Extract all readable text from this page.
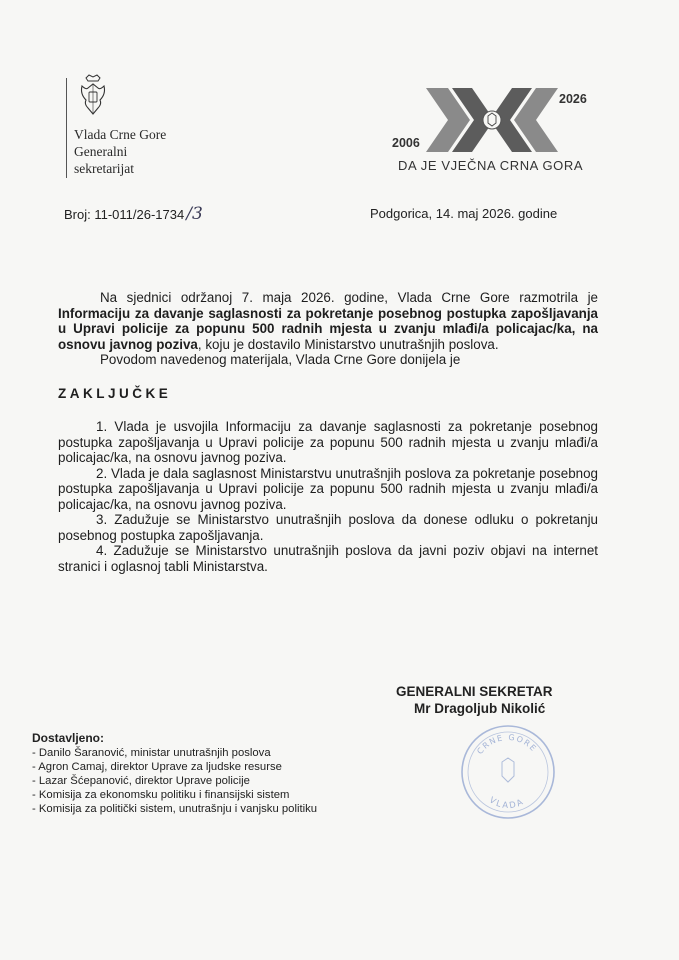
Vlada Crne Gore
Generalni
sekretarijat
2006
2026
DA JE VJEČNA CRNA GORA
Broj: 11-011/26-1734 /3	Podgorica, 14. maj 2026. godine

Na sjednici održanoj 7. maja 2026. godine, Vlada Crne Gore razmotrila je Informaciju za davanje saglasnosti za pokretanje posebnog postupka zapošljavanja u Upravi policije za popunu 500 radnih mjesta u zvanju mlađi/a policajac/ka, na osnovu javnog poziva, koju je dostavilo Ministarstvo unutrašnjih poslova.

Povodom navedenog materijala, Vlada Crne Gore donijela je

ZAKLJUČKE

1. Vlada je usvojila Informaciju za davanje saglasnosti za pokretanje posebnog postupka zapošljavanja u Upravi policije za popunu 500 radnih mjesta u zvanju mlađi/a policajac/ka, na osnovu javnog poziva.

2. Vlada je dala saglasnost Ministarstvu unutrašnjih poslova za pokretanje posebnog postupka zapošljavanja u Upravi policije za popunu 500 radnih mjesta u zvanju mlađi/a policajac/ka, na osnovu javnog poziva.

3. Zadužuje se Ministarstvo unutrašnjih poslova da donese odluku o pokretanju posebnog postupka zapošljavanja.

4. Zadužuje se Ministarstvo unutrašnjih poslova da javni poziv objavi na internet stranici i oglasnoj tabli Ministarstva.

GENERALNI SEKRETAR
Mr Dragoljub Nikolić
VLADA
CRNE GORE
Dostavljeno:
- Danilo Šaranović, ministar unutrašnjih poslova
- Agron Camaj, direktor Uprave za ljudske resurse
- Lazar Šćepanović, direktor Uprave policije
- Komisija za ekonomsku politiku i finansijski sistem
- Komisija za politički sistem, unutrašnju i vanjsku politiku
